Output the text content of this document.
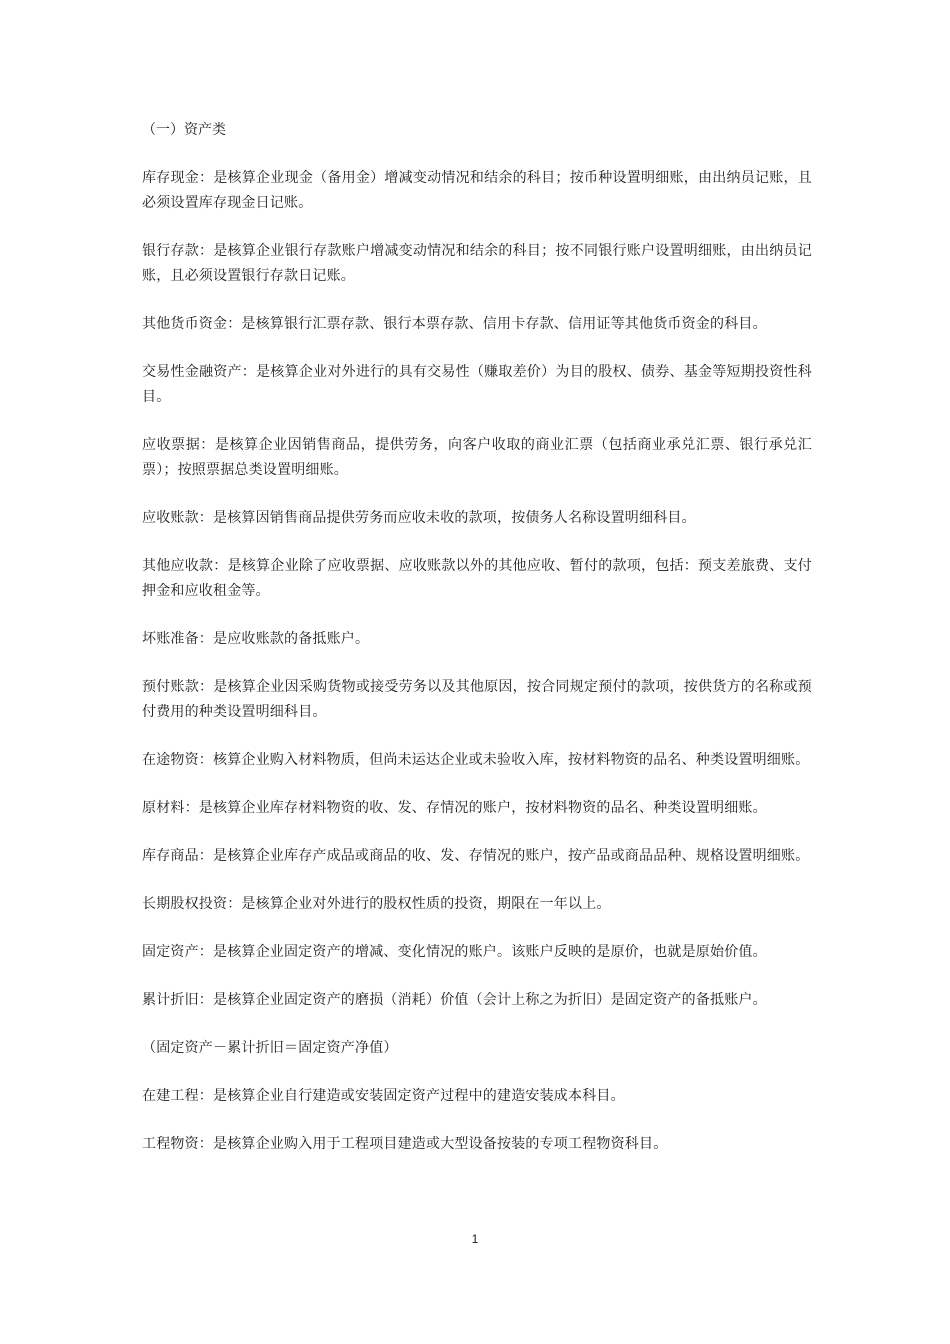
（一）资产类

库存现金：是核算企业现金（备用金）增减变动情况和结余的科目；按币种设置明细账，由出纳员记账，且必须设置库存现金日记账。

银行存款：是核算企业银行存款账户增减变动情况和结余的科目；按不同银行账户设置明细账，由出纳员记账，且必须设置银行存款日记账。

其他货币资金：是核算银行汇票存款、银行本票存款、信用卡存款、信用证等其他货币资金的科目。

交易性金融资产：是核算企业对外进行的具有交易性（赚取差价）为目的股权、债券、基金等短期投资性科目。

应收票据：是核算企业因销售商品，提供劳务，向客户收取的商业汇票（包括商业承兑汇票、银行承兑汇票）；按照票据总类设置明细账。

应收账款：是核算因销售商品提供劳务而应收未收的款项，按债务人名称设置明细科目。

其他应收款：是核算企业除了应收票据、应收账款以外的其他应收、暂付的款项，包括：预支差旅费、支付押金和应收租金等。

坏账准备：是应收账款的备抵账户。

预付账款：是核算企业因采购货物或接受劳务以及其他原因，按合同规定预付的款项，按供货方的名称或预付费用的种类设置明细科目。

在途物资：核算企业购入材料物质，但尚未运达企业或未验收入库，按材料物资的品名、种类设置明细账。

原材料：是核算企业库存材料物资的收、发、存情况的账户，按材料物资的品名、种类设置明细账。

库存商品：是核算企业库存产成品或商品的收、发、存情况的账户，按产品或商品品种、规格设置明细账。

长期股权投资：是核算企业对外进行的股权性质的投资，期限在一年以上。

固定资产：是核算企业固定资产的增减、变化情况的账户。该账户反映的是原价，也就是原始价值。

累计折旧：是核算企业固定资产的磨损（消耗）价值（会计上称之为折旧）是固定资产的备抵账户。

（固定资产－累计折旧＝固定资产净值）

在建工程：是核算企业自行建造或安装固定资产过程中的建造安装成本科目。

工程物资：是核算企业购入用于工程项目建造或大型设备按装的专项工程物资科目。

1
